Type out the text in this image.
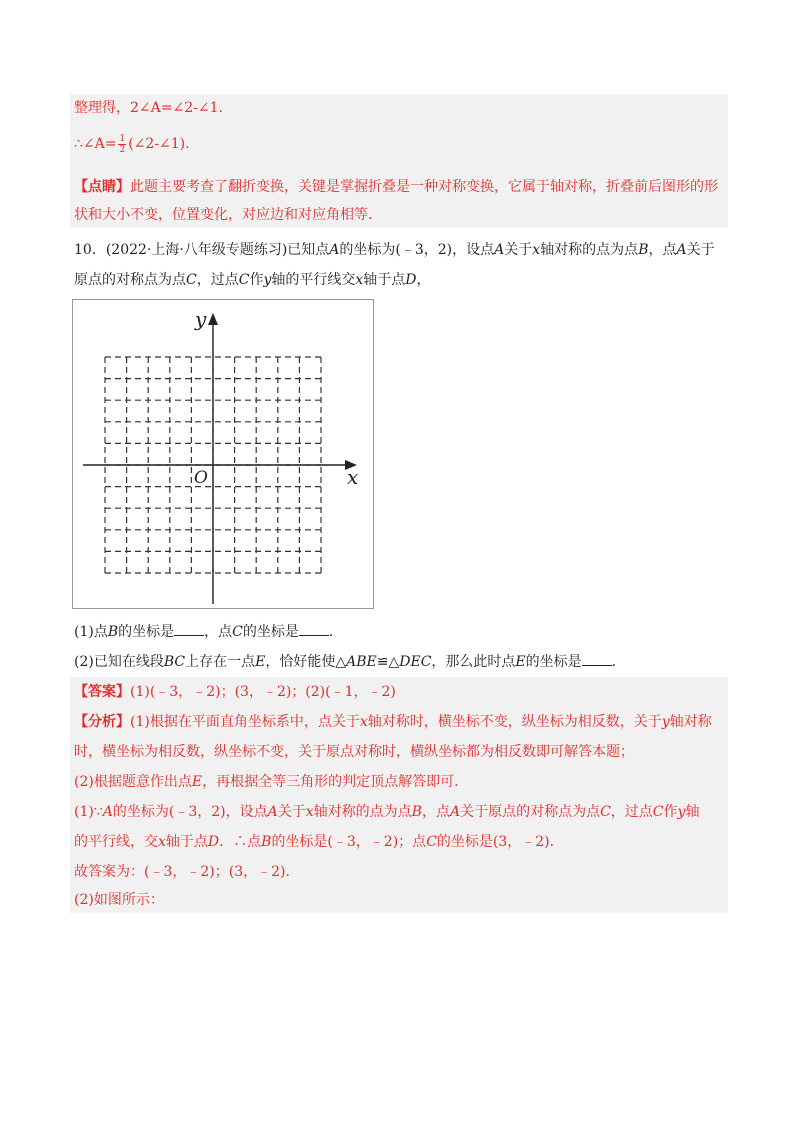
整理得，2∠A=∠2-∠1.
∴∠A= $\frac{1}{2}$ (∠2-∠1).
【点睛】此题主要考查了翻折变换，关键是掌握折叠是一种对称变换，它属于轴对称，折叠前后图形的形
状和大小不变，位置变化，对应边和对应角相等.
10．(2022·上海·八年级专题练习)已知点A的坐标为(﹣3，2)，设点A关于x轴对称的点为点B，点A关于
原点的对称点为点C，过点C作y轴的平行线交x轴于点D，
y
x
O
(1)点B的坐标是 ，点C的坐标是 .
(2)已知在线段BC上存在一点E，恰好能使△ABE≌△DEC，那么此时点E的坐标是 .
【答案】(1)(﹣3，﹣2)；(3，﹣2)；(2)(﹣1，﹣2)
【分析】(1)根据在平面直角坐标系中，点关于x轴对称时，横坐标不变，纵坐标为相反数，关于y轴对称
时，横坐标为相反数，纵坐标不变，关于原点对称时，横纵坐标都为相反数即可解答本题；
(2)根据题意作出点E，再根据全等三角形的判定顶点解答即可.
(1)∵A的坐标为(﹣3，2)，设点A关于x轴对称的点为点B，点A关于原点的对称点为点C，过点C作y轴
的平行线，交x轴于点D．∴点B的坐标是(﹣3，﹣2)；点C的坐标是(3，﹣2).
故答案为：(﹣3，﹣2)；(3，﹣2).
(2)如图所示：
